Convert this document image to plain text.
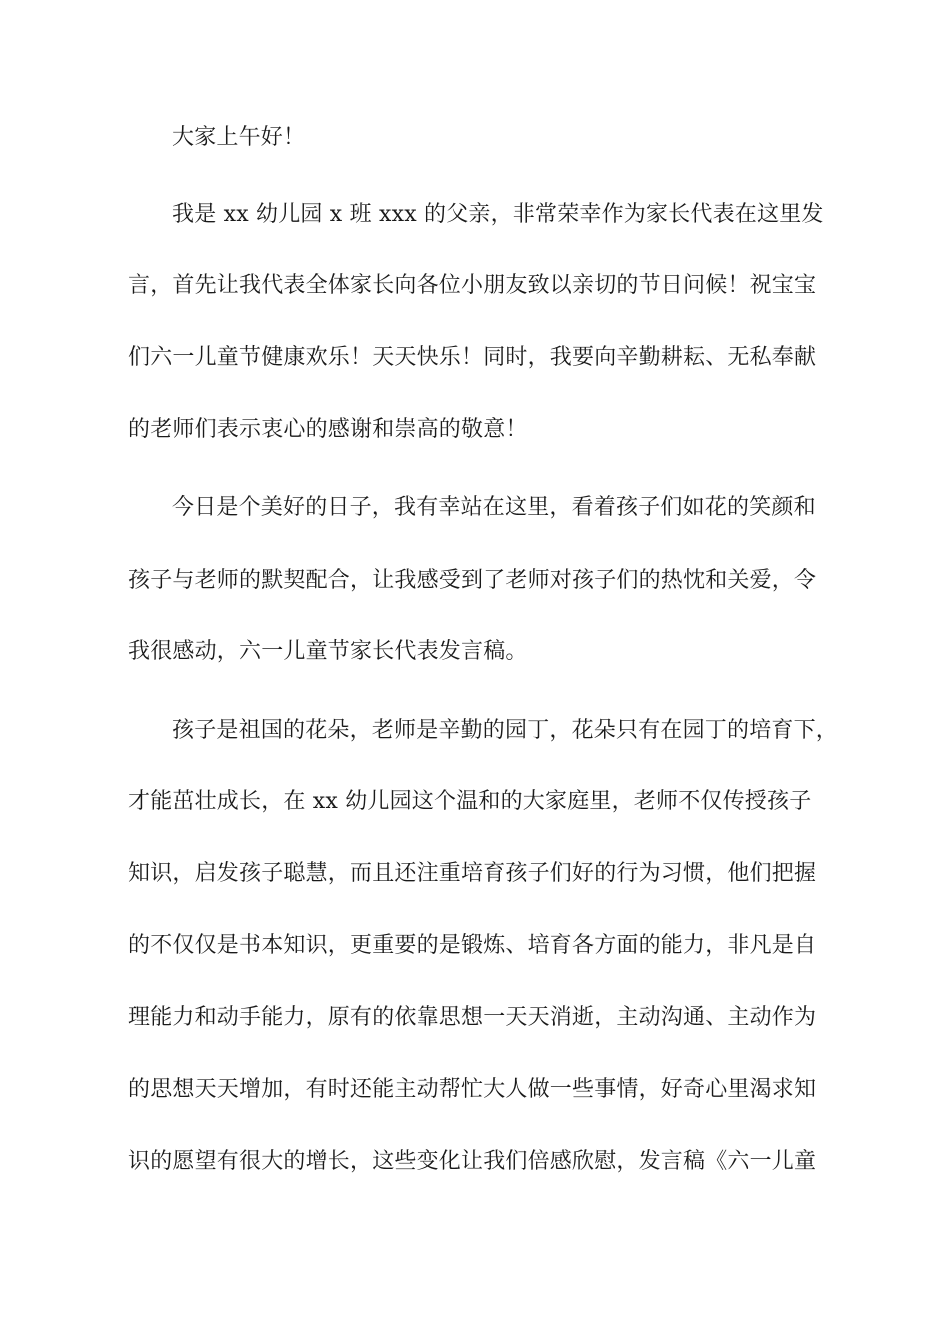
大家上午好！
我是 xx 幼儿园 x 班 xxx 的父亲，非常荣幸作为家长代表在这里发
言，首先让我代表全体家长向各位小朋友致以亲切的节日问候！祝宝宝
们六一儿童节健康欢乐！天天快乐！同时，我要向辛勤耕耘、无私奉献
的老师们表示衷心的感谢和崇高的敬意！
今日是个美好的日子，我有幸站在这里，看着孩子们如花的笑颜和
孩子与老师的默契配合，让我感受到了老师对孩子们的热忱和关爱，令
我很感动，六一儿童节家长代表发言稿。
孩子是祖国的花朵，老师是辛勤的园丁，花朵只有在园丁的培育下，
才能茁壮成长，在 xx 幼儿园这个温和的大家庭里，老师不仅传授孩子
知识，启发孩子聪慧，而且还注重培育孩子们好的行为习惯，他们把握
的不仅仅是书本知识，更重要的是锻炼、培育各方面的能力，非凡是自
理能力和动手能力，原有的依靠思想一天天消逝，主动沟通、主动作为
的思想天天增加，有时还能主动帮忙大人做一些事情，好奇心里渴求知
识的愿望有很大的增长，这些变化让我们倍感欣慰，发言稿《六一儿童
